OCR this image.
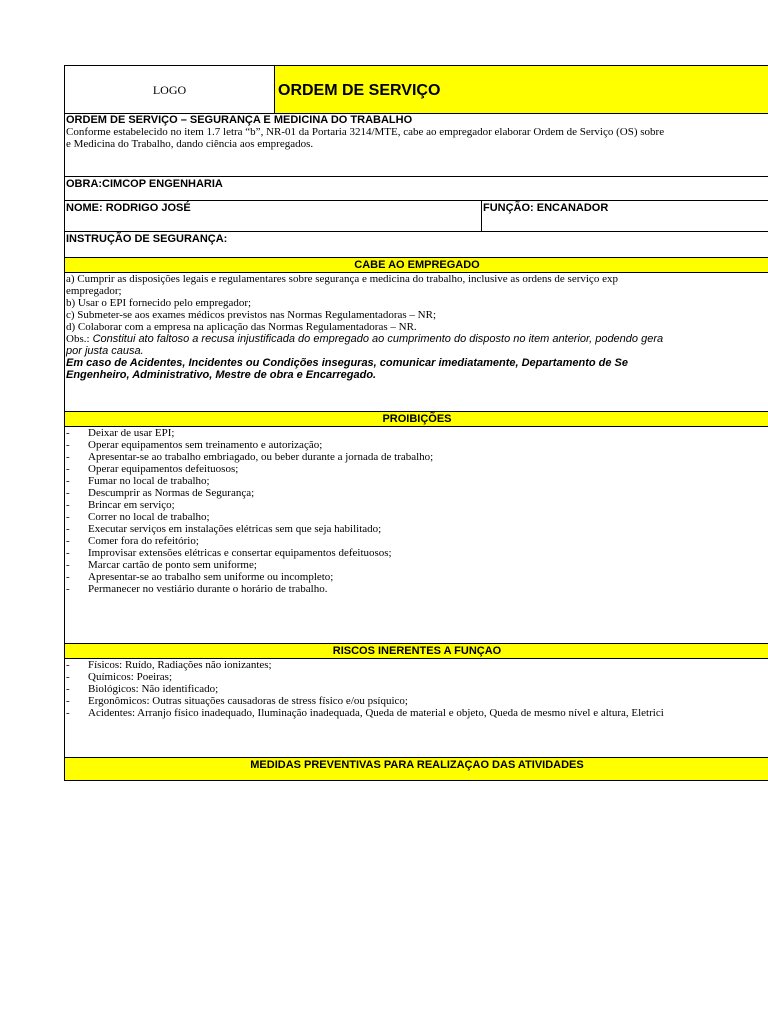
LOGO	ORDEM DE SERVIÇO
ORDEM DE SERVIÇO – SEGURANÇA E MEDICINA DO TRABALHO
Conforme estabelecido no item 1.7 letra “b”, NR-01 da Portaria 3214/MTE, cabe ao empregador elaborar Ordem de Serviço (OS) sobre
e Medicina do Trabalho, dando ciência aos empregados.
OBRA:CIMCOP ENGENHARIA
NOME: RODRIGO JOSÉ	FUNÇÃO: ENCANADOR
INSTRUÇÃO DE SEGURANÇA:
CABE AO EMPREGADO
a) Cumprir as disposições legais e regulamentares sobre segurança e medicina do trabalho, inclusive as ordens de serviço exp
empregador;
b) Usar o EPI fornecido pelo empregador;
c) Submeter-se aos exames médicos previstos nas Normas Regulamentadoras – NR;
d) Colaborar com a empresa na aplicação das Normas Regulamentadoras – NR.
Obs.: Constitui ato faltoso a recusa injustificada do empregado ao cumprimento do disposto no item anterior, podendo gera
por justa causa.
Em caso de Acidentes, Incidentes ou Condições inseguras, comunicar imediatamente, Departamento de Se
Engenheiro, Administrativo, Mestre de obra e Encarregado.
PROIBIÇÕES
- Deixar de usar EPI;
- Operar equipamentos sem treinamento e autorização;
- Apresentar-se ao trabalho embriagado, ou beber durante a jornada de trabalho;
- Operar equipamentos defeituosos;
- Fumar no local de trabalho;
- Descumprir as Normas de Segurança;
- Brincar em serviço;
- Correr no local de trabalho;
- Executar serviços em instalações elétricas sem que seja habilitado;
- Comer fora do refeitório;
- Improvisar extensões elétricas e consertar equipamentos defeituosos;
- Marcar cartão de ponto sem uniforme;
- Apresentar-se ao trabalho sem uniforme ou incompleto;
- Permanecer no vestiário durante o horário de trabalho.
RISCOS INERENTES A FUNÇAO
- Físicos: Ruído, Radiações não ionizantes;
- Químicos: Poeiras;
- Biológicos: Não identificado;
- Ergonômicos: Outras situações causadoras de stress físico e/ou psíquico;
- Acidentes: Arranjo físico inadequado, Iluminação inadequada, Queda de material e objeto, Queda de mesmo nível e altura, Eletrici
MEDIDAS PREVENTIVAS PARA REALIZAÇAO DAS ATIVIDADES
